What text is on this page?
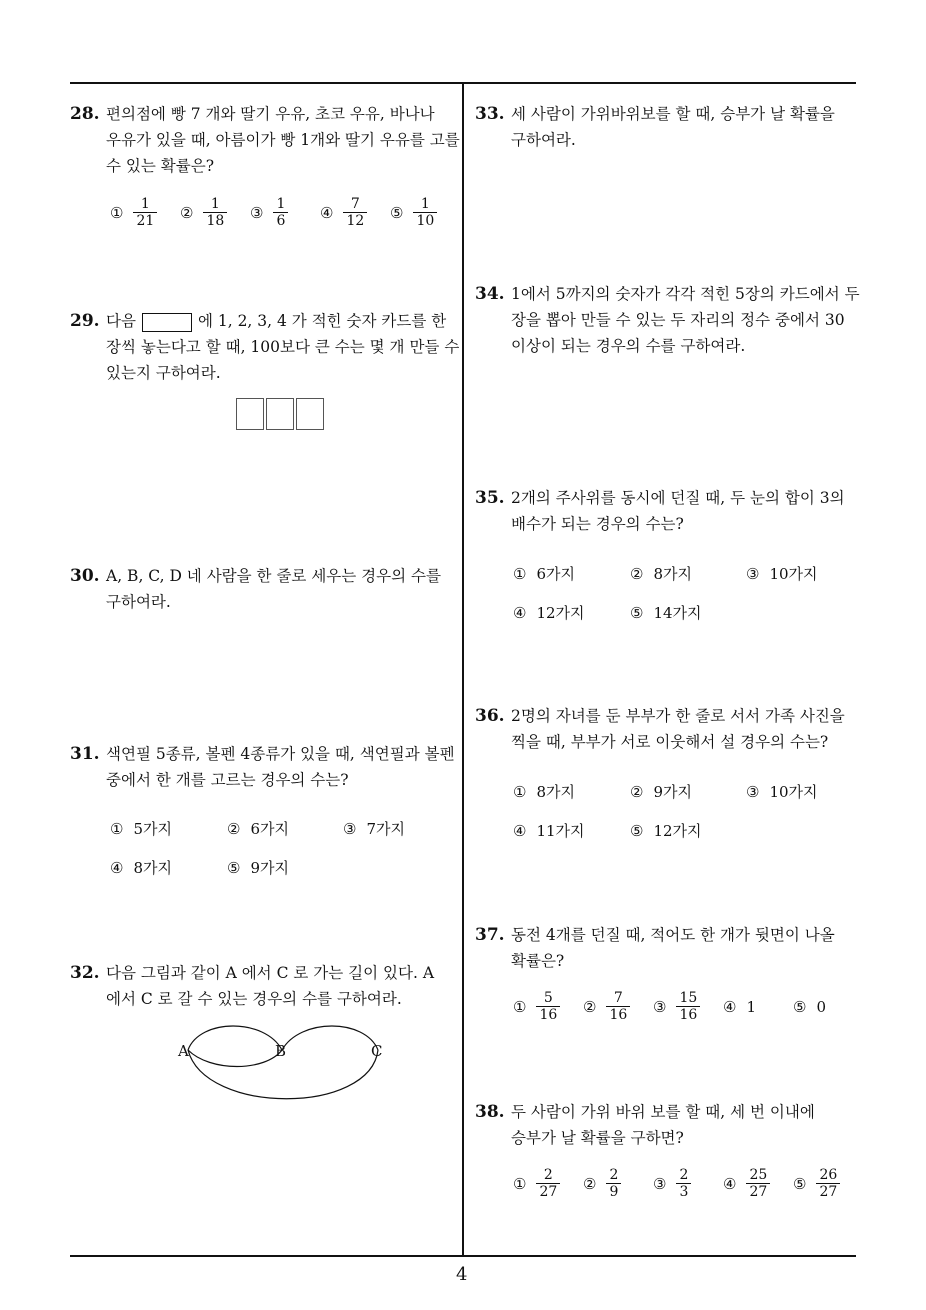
28. 편의점에 빵 7 개와 딸기 우유, 초코 우유, 바나나
우유가 있을 때, 아름이가 빵 1개와 딸기 우유를 고를
수 있는 확률은?
① $\frac{1}{21}$ ② $\frac{1}{18}$ ③ $\frac{1}{6}$ ④ $\frac{7}{12}$ ⑤ $\frac{1}{10}$
29. 다음	에 1, 2, 3, 4 가 적힌 숫자 카드를 한
장씩 놓는다고 할 때, 100보다 큰 수는 몇 개 만들 수
있는지 구하여라.
30. A, B, C, D 네 사람을 한 줄로 세우는 경우의 수를
구하여라.
31. 색연필 5종류, 볼펜 4종류가 있을 때, 색연필과 볼펜
중에서 한 개를 고르는 경우의 수는?
① 5가지	② 6가지	③ 7가지
④ 8가지	⑤ 9가지
32. 다음 그림과 같이 A 에서 C 로 가는 길이 있다. A
에서 C 로 갈 수 있는 경우의 수를 구하여라.
A	B	C
33. 세 사람이 가위바위보를 할 때, 승부가 날 확률을
구하여라.
34. 1에서 5까지의 숫자가 각각 적힌 5장의 카드에서 두
장을 뽑아 만들 수 있는 두 자리의 정수 중에서 30
이상이 되는 경우의 수를 구하여라.
35. 2개의 주사위를 동시에 던질 때, 두 눈의 합이 3의
배수가 되는 경우의 수는?
① 6가지	② 8가지	③ 10가지
④ 12가지	⑤ 14가지
36. 2명의 자녀를 둔 부부가 한 줄로 서서 가족 사진을
찍을 때, 부부가 서로 이웃해서 설 경우의 수는?
① 8가지	② 9가지	③ 10가지
④ 11가지	⑤ 12가지
37. 동전 4개를 던질 때, 적어도 한 개가 뒷면이 나올
확률은?
① $\frac{5}{16}$ ② $\frac{7}{16}$ ③ $\frac{15}{16}$ ④ 1 ⑤ 0
38. 두 사람이 가위 바위 보를 할 때, 세 번 이내에
승부가 날 확률을 구하면?
① $\frac{2}{27}$ ② $\frac{2}{9}$ ③ $\frac{2}{3}$ ④ $\frac{25}{27}$ ⑤ $\frac{26}{27}$
4
